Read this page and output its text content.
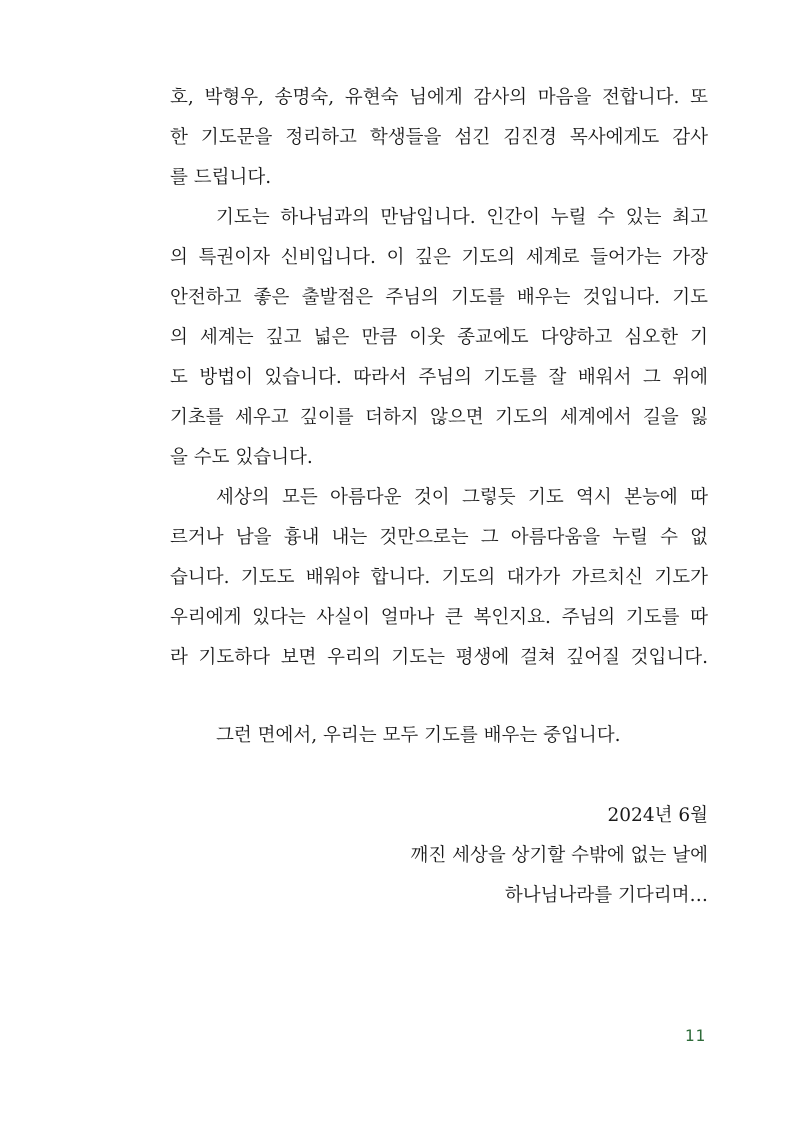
호, 박형우, 송명숙, 유현숙 님에게 감사의 마음을 전합니다. 또
한 기도문을 정리하고 학생들을 섬긴 김진경 목사에게도 감사
를 드립니다.
기도는 하나님과의 만남입니다. 인간이 누릴 수 있는 최고
의 특권이자 신비입니다. 이 깊은 기도의 세계로 들어가는 가장
안전하고 좋은 출발점은 주님의 기도를 배우는 것입니다. 기도
의 세계는 깊고 넓은 만큼 이웃 종교에도 다양하고 심오한 기
도 방법이 있습니다. 따라서 주님의 기도를 잘 배워서 그 위에
기초를 세우고 깊이를 더하지 않으면 기도의 세계에서 길을 잃
을 수도 있습니다.
세상의 모든 아름다운 것이 그렇듯 기도 역시 본능에 따
르거나 남을 흉내 내는 것만으로는 그 아름다움을 누릴 수 없
습니다. 기도도 배워야 합니다. 기도의 대가가 가르치신 기도가
우리에게 있다는 사실이 얼마나 큰 복인지요. 주님의 기도를 따
라 기도하다 보면 우리의 기도는 평생에 걸쳐 깊어질 것입니다.
그런 면에서, 우리는 모두 기도를 배우는 중입니다.
2024년 6월
깨진 세상을 상기할 수밖에 없는 날에
하나님나라를 기다리며…
11
